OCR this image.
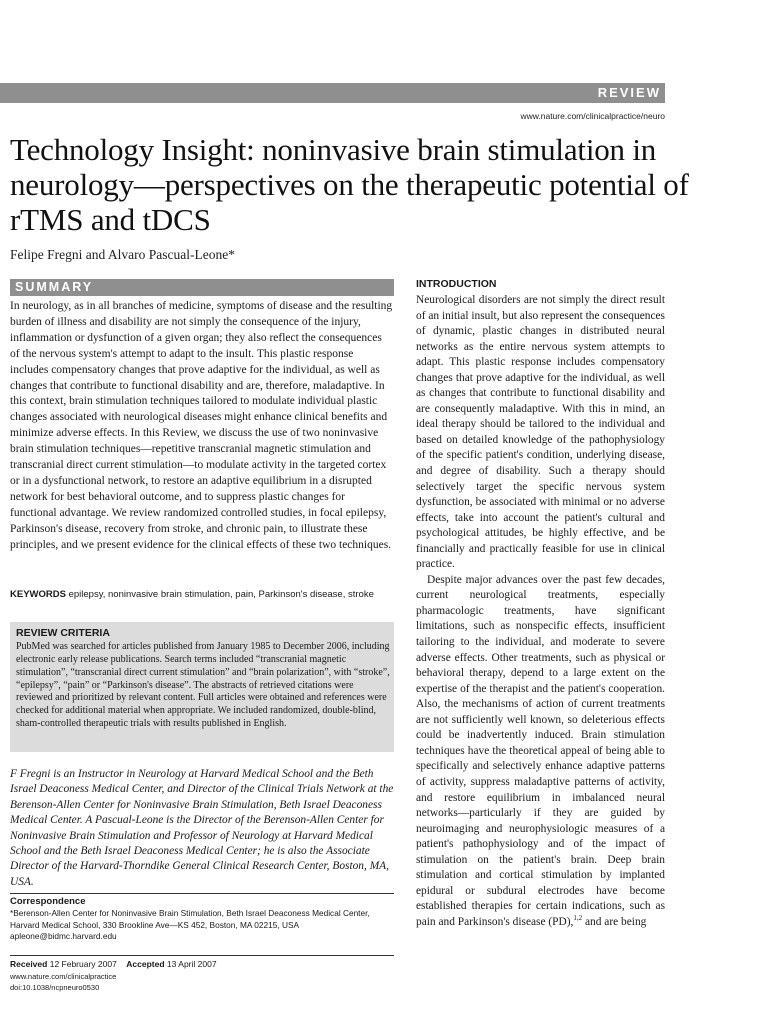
REVIEW
www.nature.com/clinicalpractice/neuro
Technology Insight: noninvasive brain stimulation in neurology—perspectives on the therapeutic potential of rTMS and tDCS
Felipe Fregni and Alvaro Pascual-Leone*
SUMMARY

In neurology, as in all branches of medicine, symptoms of disease and the resulting burden of illness and disability are not simply the consequence of the injury, inflammation or dysfunction of a given organ; they also reflect the consequences of the nervous system's attempt to adapt to the insult. This plastic response includes compensatory changes that prove adaptive for the individual, as well as changes that contribute to functional disability and are, therefore, maladaptive. In this context, brain stimulation techniques tailored to modulate individual plastic changes associated with neurological diseases might enhance clinical benefits and minimize adverse effects. In this Review, we discuss the use of two noninvasive brain stimulation techniques—repetitive transcranial magnetic stimulation and transcranial direct current stimulation—to modulate activity in the targeted cortex or in a dysfunctional network, to restore an adaptive equilibrium in a disrupted network for best behavioral outcome, and to suppress plastic changes for functional advantage. We review randomized controlled studies, in focal epilepsy, Parkinson's disease, recovery from stroke, and chronic pain, to illustrate these principles, and we present evidence for the clinical effects of these two techniques.

KEYWORDS epilepsy, noninvasive brain stimulation, pain, Parkinson's disease, stroke
REVIEW CRITERIA

PubMed was searched for articles published from January 1985 to December 2006, including electronic early release publications. Search terms included “transcranial magnetic stimulation”, “transcranial direct current stimulation” and “brain polarization”, with “stroke”, “epilepsy”, “pain” or “Parkinson's disease”. The abstracts of retrieved citations were reviewed and prioritized by relevant content. Full articles were obtained and references were checked for additional material when appropriate. We included randomized, double-blind, sham-controlled therapeutic trials with results published in English.

F Fregni is an Instructor in Neurology at Harvard Medical School and the Beth Israel Deaconess Medical Center, and Director of the Clinical Trials Network at the Berenson-Allen Center for Noninvasive Brain Stimulation, Beth Israel Deaconess Medical Center. A Pascual-Leone is the Director of the Berenson-Allen Center for Noninvasive Brain Stimulation and Professor of Neurology at Harvard Medical School and the Beth Israel Deaconess Medical Center; he is also the Associate Director of the Harvard-Thorndike General Clinical Research Center, Boston, MA, USA.

Correspondence
*Berenson-Allen Center for Noninvasive Brain Stimulation, Beth Israel Deaconess Medical Center,
Harvard Medical School, 330 Brookline Ave—KS 452, Boston, MA 02215, USA
apleone@bidmc.harvard.edu
Received 12 February 2007 Accepted 13 April 2007
www.nature.com/clinicalpractice
doi:10.1038/ncpneuro0530
INTRODUCTION

Neurological disorders are not simply the direct result of an initial insult, but also represent the consequences of dynamic, plastic changes in distributed neural networks as the entire nervous system attempts to adapt. This plastic response includes compensatory changes that prove adaptive for the individual, as well as changes that contribute to functional disability and are consequently maladaptive. With this in mind, an ideal therapy should be tailored to the individual and based on detailed knowledge of the pathophysiology of the specific patient's condition, underlying disease, and degree of disability. Such a therapy should selectively target the specific nervous system dysfunction, be associated with minimal or no adverse effects, take into account the patient's cultural and psychological attitudes, be highly effective, and be financially and practically feasible for use in clinical practice.

Despite major advances over the past few decades, current neurological treatments, especially pharmacologic treatments, have significant limitations, such as nonspecific effects, insufficient tailoring to the individual, and moderate to severe adverse effects. Other treatments, such as physical or behavioral therapy, depend to a large extent on the expertise of the therapist and the patient's cooperation. Also, the mechanisms of action of current treatments are not sufficiently well known, so deleterious effects could be inadvertently induced. Brain stimulation techniques have the theoretical appeal of being able to specifically and selectively enhance adaptive patterns of activity, suppress maladaptive patterns of activity, and restore equilibrium in imbalanced neural networks—particularly if they are guided by neuroimaging and neurophysiologic measures of a patient's pathophysiology and of the impact of stimulation on the patient's brain. Deep brain stimulation and cortical stimulation by implanted epidural or subdural electrodes have become established therapies for certain indications, such as pain and Parkinson's disease (PD),$^{1,2}$ and are being
